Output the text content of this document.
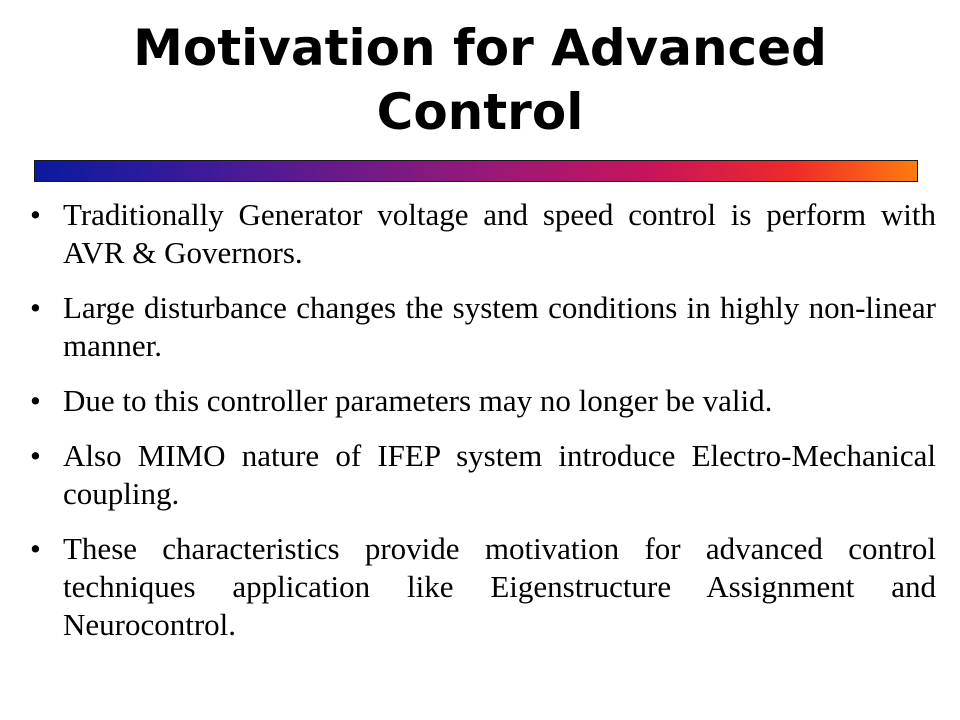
Motivation for Advanced Control
• Traditionally Generator voltage and speed control is perform with AVR & Governors.
• Large disturbance changes the system conditions in highly non-linear manner.
• Due to this controller parameters may no longer be valid.
• Also MIMO nature of IFEP system introduce Electro-Mechanical coupling.
• These characteristics provide motivation for advanced control techniques application like Eigenstructure Assignment and Neurocontrol.
